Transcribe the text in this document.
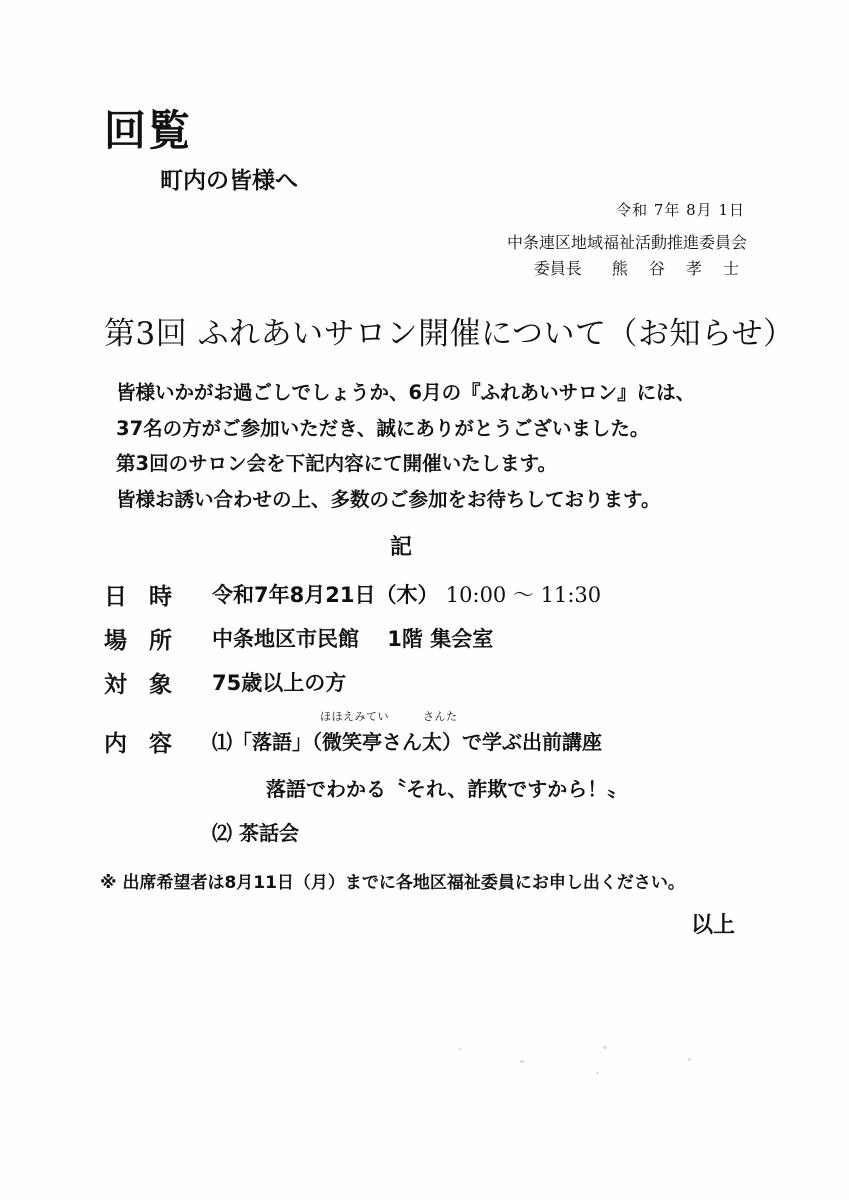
回覧
町内の皆様へ
令和 7年 8月 1日
中条連区地域福祉活動推進委員会
委員長 熊 谷 孝 士
第3回 ふれあいサロン開催について（お知らせ）
皆様いかがお過ごしでしょうか、6月の『ふれあいサロン』には、
37名の方がご参加いただき、誠にありがとうございました。
第3回のサロン会を下記内容にて開催いたします。
皆様お誘い合わせの上、多数のご参加をお待ちしております。
記
日時 令和7年8月21日（木） 10:00 ～ 11:30
場所 中条地区市民館　 1階 集会室
対象 75歳以上の方
ほほえみてい	さんた
内容 ⑴「落語」（微笑亭さん太）で学ぶ出前講座
落語でわかる〝それ、詐欺ですから！〟
⑵ 茶話会
※ 出席希望者は8月11日（月）までに各地区福祉委員にお申し出ください。
以上
